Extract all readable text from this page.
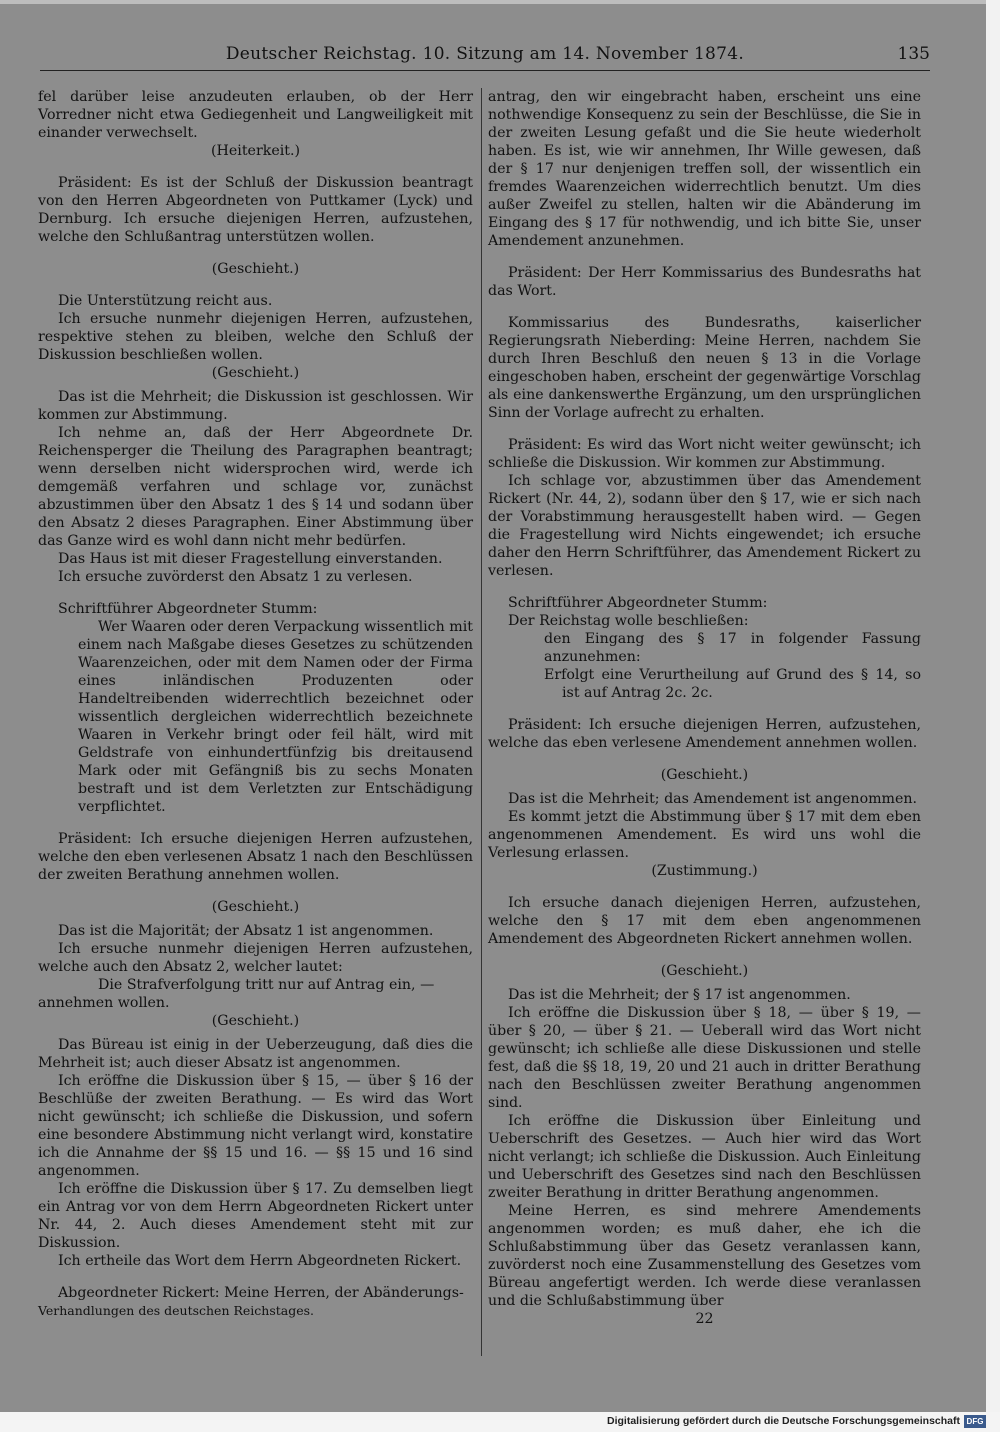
Deutscher Reichstag. 10. Sitzung am 14. November 1874.	135

fel darüber leise anzudeuten erlauben, ob der Herr Vorredner nicht etwa Gediegenheit und Langweiligkeit mit einander verwechselt.

(Heiterkeit.)

Präsident: Es ist der Schluß der Diskussion beantragt von den Herren Abgeordneten von Puttkamer (Lyck) und Dernburg. Ich ersuche diejenigen Herren, aufzustehen, welche den Schlußantrag unterstützen wollen.

(Geschieht.)

Die Unterstützung reicht aus.

Ich ersuche nunmehr diejenigen Herren, aufzustehen, respektive stehen zu bleiben, welche den Schluß der Diskussion beschließen wollen.

(Geschieht.)

Das ist die Mehrheit; die Diskussion ist geschlossen. Wir kommen zur Abstimmung.

Ich nehme an, daß der Herr Abgeordnete Dr. Reichensperger die Theilung des Paragraphen beantragt; wenn derselben nicht widersprochen wird, werde ich demgemäß verfahren und schlage vor, zunächst abzustimmen über den Absatz 1 des § 14 und sodann über den Absatz 2 dieses Paragraphen. Einer Abstimmung über das Ganze wird es wohl dann nicht mehr bedürfen.

Das Haus ist mit dieser Fragestellung einverstanden.

Ich ersuche zuvörderst den Absatz 1 zu verlesen.

Schriftführer Abgeordneter Stumm:

Wer Waaren oder deren Verpackung wissentlich mit einem nach Maßgabe dieses Gesetzes zu schützenden Waarenzeichen, oder mit dem Namen oder der Firma eines inländischen Produzenten oder Handeltreibenden widerrechtlich bezeichnet oder wissentlich dergleichen widerrechtlich bezeichnete Waaren in Verkehr bringt oder feil hält, wird mit Geldstrafe von einhundertfünfzig bis dreitausend Mark oder mit Gefängniß bis zu sechs Monaten bestraft und ist dem Verletzten zur Entschädigung verpflichtet.

Präsident: Ich ersuche diejenigen Herren aufzustehen, welche den eben verlesenen Absatz 1 nach den Beschlüssen der zweiten Berathung annehmen wollen.

(Geschieht.)

Das ist die Majorität; der Absatz 1 ist angenommen.

Ich ersuche nunmehr diejenigen Herren aufzustehen, welche auch den Absatz 2, welcher lautet:

Die Strafverfolgung tritt nur auf Antrag ein, —

annehmen wollen.

(Geschieht.)

Das Büreau ist einig in der Ueberzeugung, daß dies die Mehrheit ist; auch dieser Absatz ist angenommen.

Ich eröffne die Diskussion über § 15, — über § 16 der Beschlüße der zweiten Berathung. — Es wird das Wort nicht gewünscht; ich schließe die Diskussion, und sofern eine besondere Abstimmung nicht verlangt wird, konstatire ich die Annahme der §§ 15 und 16. — §§ 15 und 16 sind angenommen.

Ich eröffne die Diskussion über § 17. Zu demselben liegt ein Antrag vor von dem Herrn Abgeordneten Rickert unter Nr. 44, 2. Auch dieses Amendement steht mit zur Diskussion.

Ich ertheile das Wort dem Herrn Abgeordneten Rickert.

Abgeordneter Rickert: Meine Herren, der Abänderungs-

Verhandlungen des deutschen Reichstages.

antrag, den wir eingebracht haben, erscheint uns eine nothwendige Konsequenz zu sein der Beschlüsse, die Sie in der zweiten Lesung gefaßt und die Sie heute wiederholt haben. Es ist, wie wir annehmen, Ihr Wille gewesen, daß der § 17 nur denjenigen treffen soll, der wissentlich ein fremdes Waarenzeichen widerrechtlich benutzt. Um dies außer Zweifel zu stellen, halten wir die Abänderung im Eingang des § 17 für nothwendig, und ich bitte Sie, unser Amendement anzunehmen.

Präsident: Der Herr Kommissarius des Bundesraths hat das Wort.

Kommissarius des Bundesraths, kaiserlicher Regierungsrath Nieberding: Meine Herren, nachdem Sie durch Ihren Beschluß den neuen § 13 in die Vorlage eingeschoben haben, erscheint der gegenwärtige Vorschlag als eine dankenswerthe Ergänzung, um den ursprünglichen Sinn der Vorlage aufrecht zu erhalten.

Präsident: Es wird das Wort nicht weiter gewünscht; ich schließe die Diskussion. Wir kommen zur Abstimmung.

Ich schlage vor, abzustimmen über das Amendement Rickert (Nr. 44, 2), sodann über den § 17, wie er sich nach der Vorabstimmung herausgestellt haben wird. — Gegen die Fragestellung wird Nichts eingewendet; ich ersuche daher den Herrn Schriftführer, das Amendement Rickert zu verlesen.

Schriftführer Abgeordneter Stumm:

Der Reichstag wolle beschließen:

den Eingang des § 17 in folgender Fassung anzunehmen:

Erfolgt eine Verurtheilung auf Grund des § 14, so ist auf Antrag 2c. 2c.

Präsident: Ich ersuche diejenigen Herren, aufzustehen, welche das eben verlesene Amendement annehmen wollen.

(Geschieht.)

Das ist die Mehrheit; das Amendement ist angenommen.

Es kommt jetzt die Abstimmung über § 17 mit dem eben angenommenen Amendement. Es wird uns wohl die Verlesung erlassen.

(Zustimmung.)

Ich ersuche danach diejenigen Herren, aufzustehen, welche den § 17 mit dem eben angenommenen Amendement des Abgeordneten Rickert annehmen wollen.

(Geschieht.)

Das ist die Mehrheit; der § 17 ist angenommen.

Ich eröffne die Diskussion über § 18, — über § 19, — über § 20, — über § 21. — Ueberall wird das Wort nicht gewünscht; ich schließe alle diese Diskussionen und stelle fest, daß die §§ 18, 19, 20 und 21 auch in dritter Berathung nach den Beschlüssen zweiter Berathung angenommen sind.

Ich eröffne die Diskussion über Einleitung und Ueberschrift des Gesetzes. — Auch hier wird das Wort nicht verlangt; ich schließe die Diskussion. Auch Einleitung und Ueberschrift des Gesetzes sind nach den Beschlüssen zweiter Berathung in dritter Berathung angenommen.

Meine Herren, es sind mehrere Amendements angenommen worden; es muß daher, ehe ich die Schlußabstimmung über das Gesetz veranlassen kann, zuvörderst noch eine Zusammenstellung des Gesetzes vom Büreau angefertigt werden. Ich werde diese veranlassen und die Schlußabstimmung über

22

Digitalisierung gefördert durch die Deutsche Forschungsgemeinschaft DFG
